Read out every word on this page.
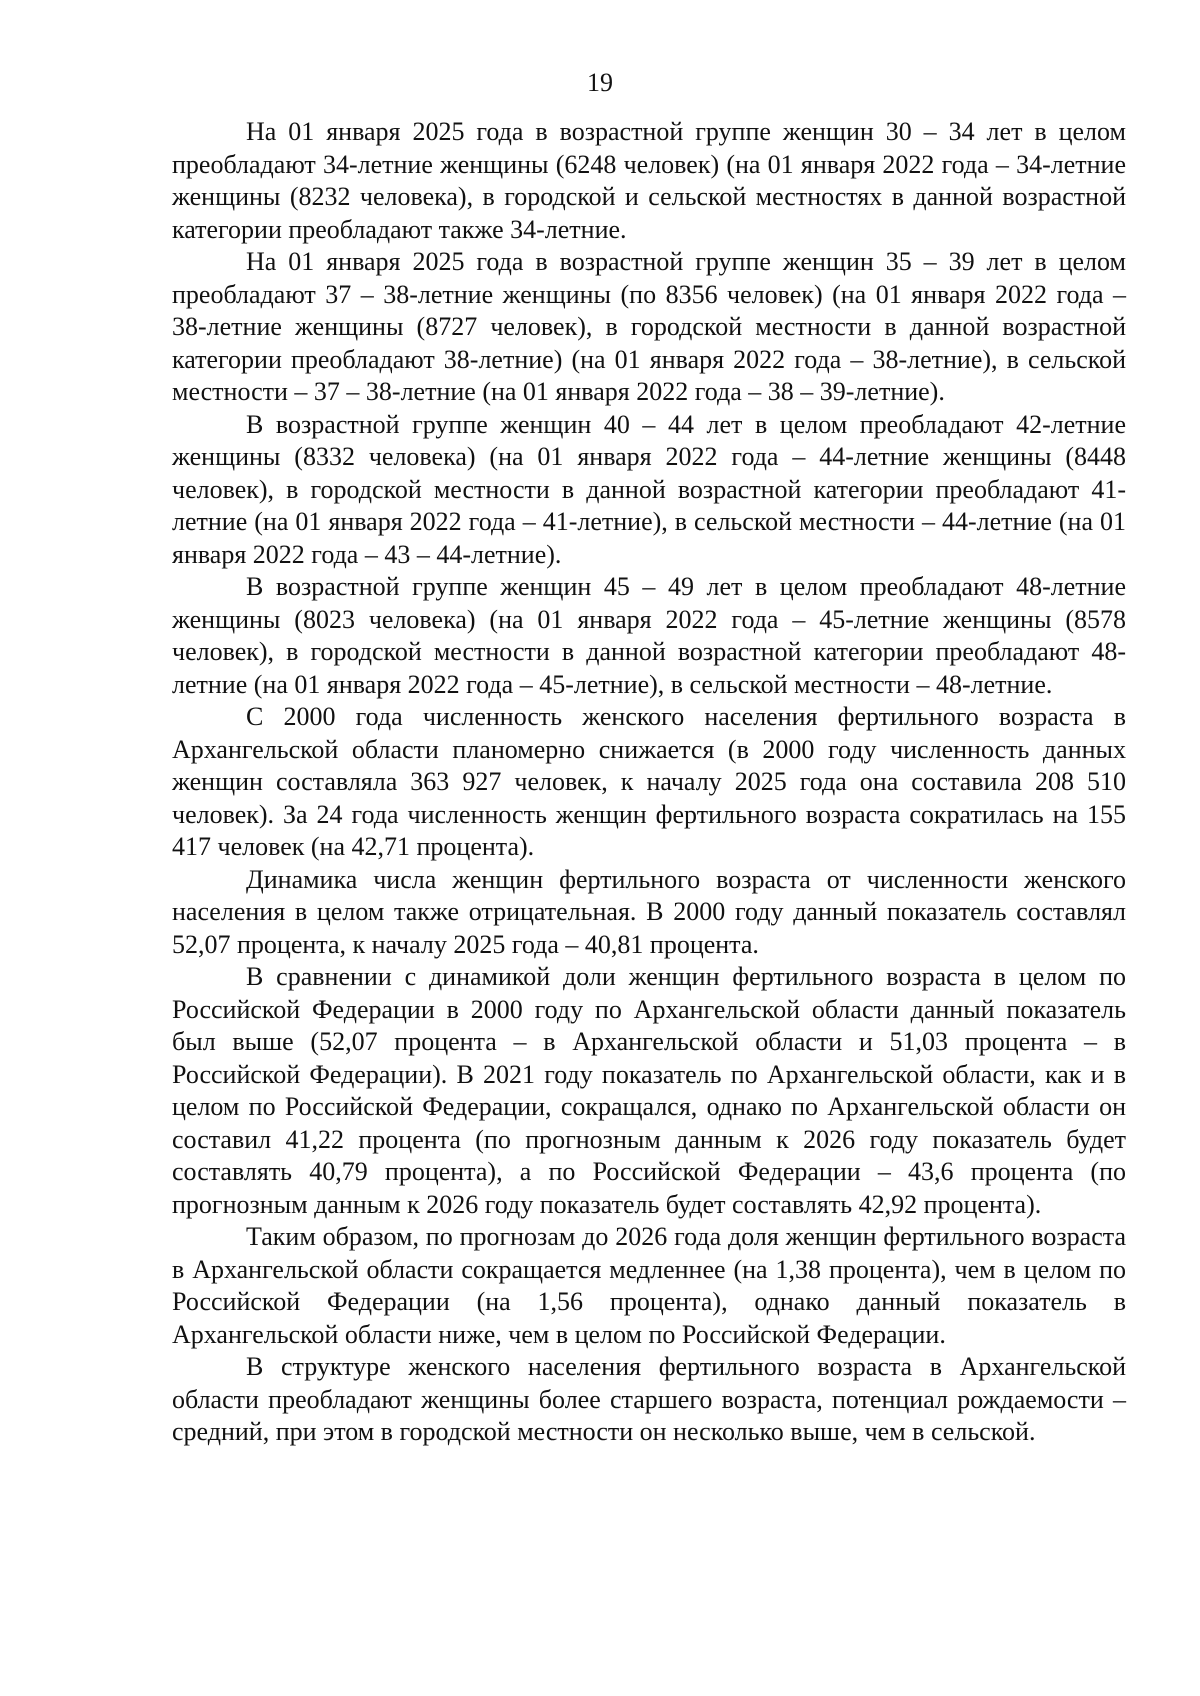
19

На 01 января 2025 года в возрастной группе женщин 30 – 34 лет в целом преобладают 34-летние женщины (6248 человек) (на 01 января 2022 года – 34-летние женщины (8232 человека), в городской и сельской местностях в данной возрастной категории преобладают также 34-летние.

На 01 января 2025 года в возрастной группе женщин 35 – 39 лет в целом преобладают 37 – 38-летние женщины (по 8356 человек) (на 01 января 2022 года – 38-летние женщины (8727 человек), в городской местности в данной возрастной категории преобладают 38-летние) (на 01 января 2022 года – 38-летние), в сельской местности – 37 – 38-летние (на 01 января 2022 года – 38 – 39-летние).

В возрастной группе женщин 40 – 44 лет в целом преобладают 42-летние женщины (8332 человека) (на 01 января 2022 года – 44-летние женщины (8448 человек), в городской местности в данной возрастной категории преобладают 41-летние (на 01 января 2022 года – 41-летние), в сельской местности – 44-летние (на 01 января 2022 года – 43 – 44-летние).

В возрастной группе женщин 45 – 49 лет в целом преобладают 48-летние женщины (8023 человека) (на 01 января 2022 года – 45-летние женщины (8578 человек), в городской местности в данной возрастной категории преобладают 48-летние (на 01 января 2022 года – 45-летние), в сельской местности – 48-летние.

С 2000 года численность женского населения фертильного возраста в Архангельской области планомерно снижается (в 2000 году численность данных женщин составляла 363 927 человек, к началу 2025 года она составила 208 510 человек). За 24 года численность женщин фертильного возраста сократилась на 155 417 человек (на 42,71 процента).

Динамика числа женщин фертильного возраста от численности женского населения в целом также отрицательная. В 2000 году данный показатель составлял 52,07 процента, к началу 2025 года – 40,81 процента.

В сравнении с динамикой доли женщин фертильного возраста в целом по Российской Федерации в 2000 году по Архангельской области данный показатель был выше (52,07 процента – в Архангельской области и 51,03 процента – в Российской Федерации). В 2021 году показатель по Архангельской области, как и в целом по Российской Федерации, сокращался, однако по Архангельской области он составил 41,22 процента (по прогнозным данным к 2026 году показатель будет составлять 40,79 процента), а по Российской Федерации – 43,6 процента (по прогнозным данным к 2026 году показатель будет составлять 42,92 процента).

Таким образом, по прогнозам до 2026 года доля женщин фертильного возраста в Архангельской области сокращается медленнее (на 1,38 процента), чем в целом по Российской Федерации (на 1,56 процента), однако данный показатель в Архангельской области ниже, чем в целом по Российской Федерации.

В структуре женского населения фертильного возраста в Архангельской области преобладают женщины более старшего возраста, потенциал рождаемости – средний, при этом в городской местности он несколько выше, чем в сельской.
